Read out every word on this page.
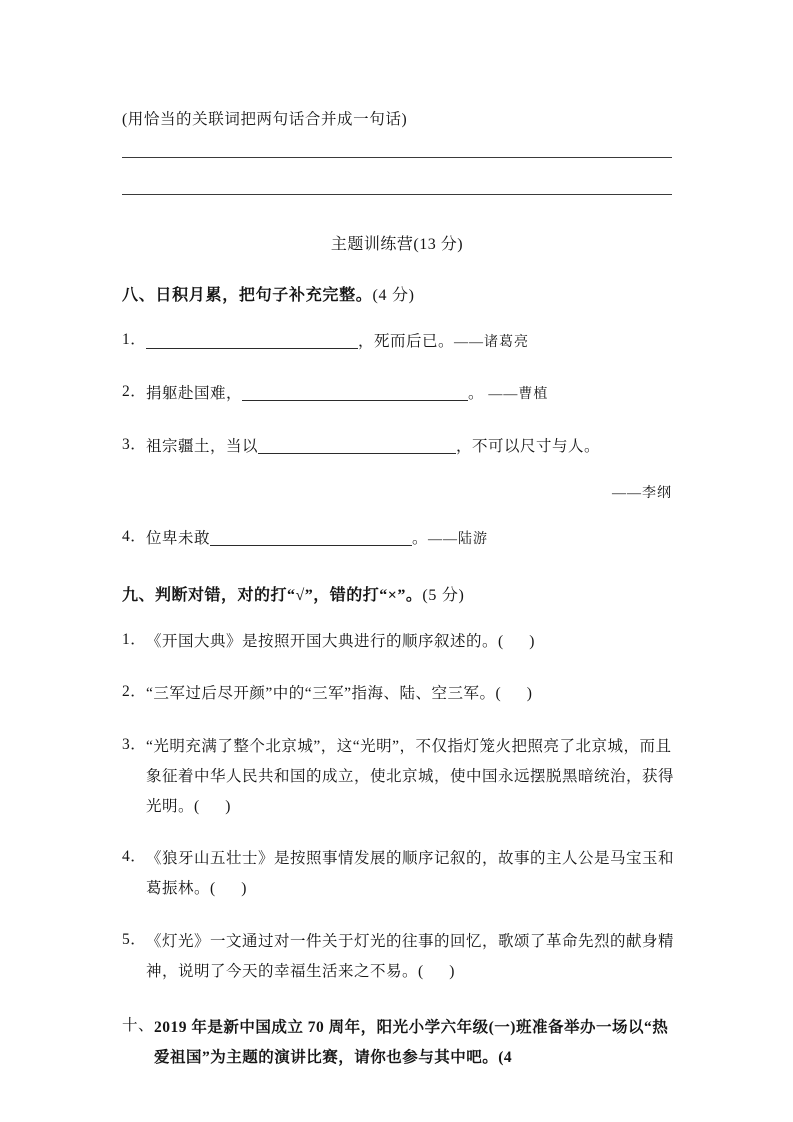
(用恰当的关联词把两句话合并成一句话)
主题训练营(13 分)
八、日积月累，把句子补充完整。(4 分)
1．	，死而后已。——诸葛亮
2． 捐躯赴国难，	。 ——曹植
3． 祖宗疆土，当以	，不可以尺寸与人。
——李纲
4． 位卑未敢	。——陆游
九、判断对错，对的打“√”，错的打“×”。(5 分)
1． 《开国大典》是按照开国大典进行的顺序叙述的。( )
2． “三军过后尽开颜”中的“三军”指海、陆、空三军。( )
3． “光明充满了整个北京城”，这“光明”，不仅指灯笼火把照亮了北京城，而且象征着中华人民共和国的成立，使北京城，使中国永远摆脱黑暗统治，获得光明。( )
4． 《狼牙山五壮士》是按照事情发展的顺序记叙的，故事的主人公是马宝玉和葛振林。( )
5． 《灯光》一文通过对一件关于灯光的往事的回忆，歌颂了革命先烈的献身精神，说明了今天的幸福生活来之不易。( )
十、 2019 年是新中国成立 70 周年，阳光小学六年级(一)班准备举办一场以“热爱祖国”为主题的演讲比赛，请你也参与其中吧。(4
